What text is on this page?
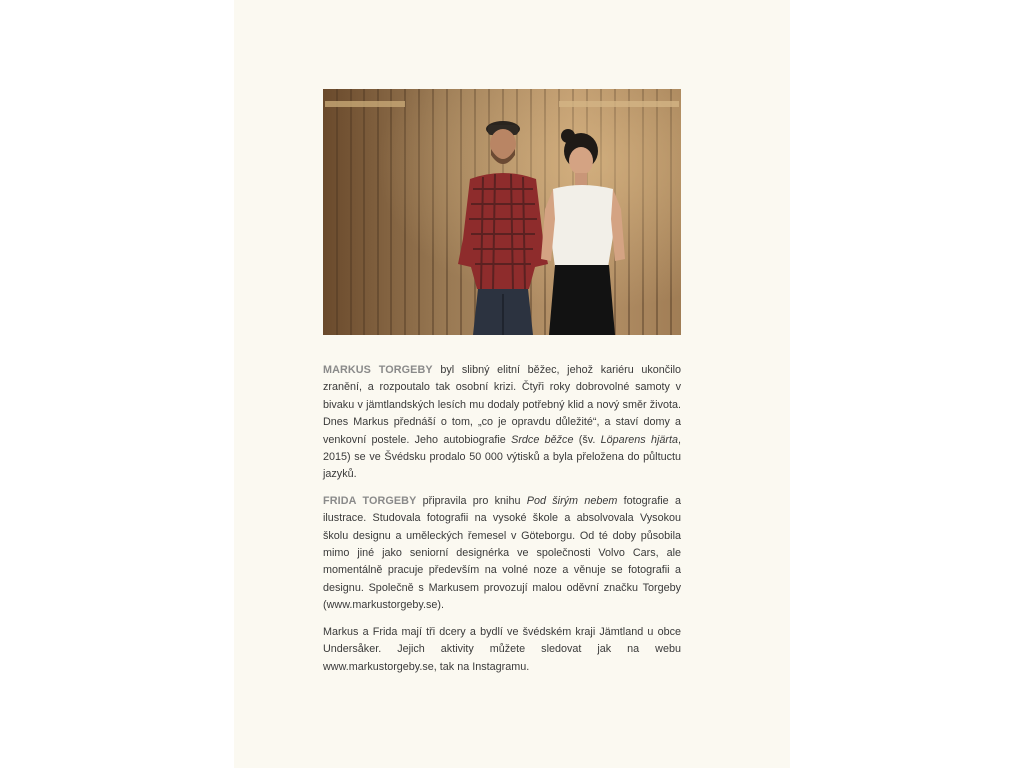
MARKUS TORGEBY byl slibný elitní běžec, jehož kariéru ukončilo zranění, a rozpoutalo tak osobní krizi. Čtyři roky dobrovolné samoty v bivaku v jämtlandských lesích mu dodaly potřebný klid a nový směr života. Dnes Markus přednáší o tom, „co je opravdu důležité“, a staví domy a venkovní postele. Jeho autobiografie Srdce běžce (šv. Löparens hjärta, 2015) se ve Švédsku prodalo 50 000 výtisků a byla přeložena do půltuctu jazyků.

FRIDA TORGEBY připravila pro knihu Pod širým nebem fotografie a ilustrace. Studovala fotografii na vysoké škole a absolvovala Vysokou školu designu a uměleckých řemesel v Göteborgu. Od té doby působila mimo jiné jako seniorní designérka ve společnosti Volvo Cars, ale momentálně pracuje především na volné noze a věnuje se fotografii a designu. Společně s Markusem provozují malou oděvní značku Torgeby (www.markustorgeby.se).

Markus a Frida mají tři dcery a bydlí ve švédském kraji Jämtland u obce Undersåker. Jejich aktivity můžete sledovat jak na webu www.markustorgeby.se, tak na Instagramu.
